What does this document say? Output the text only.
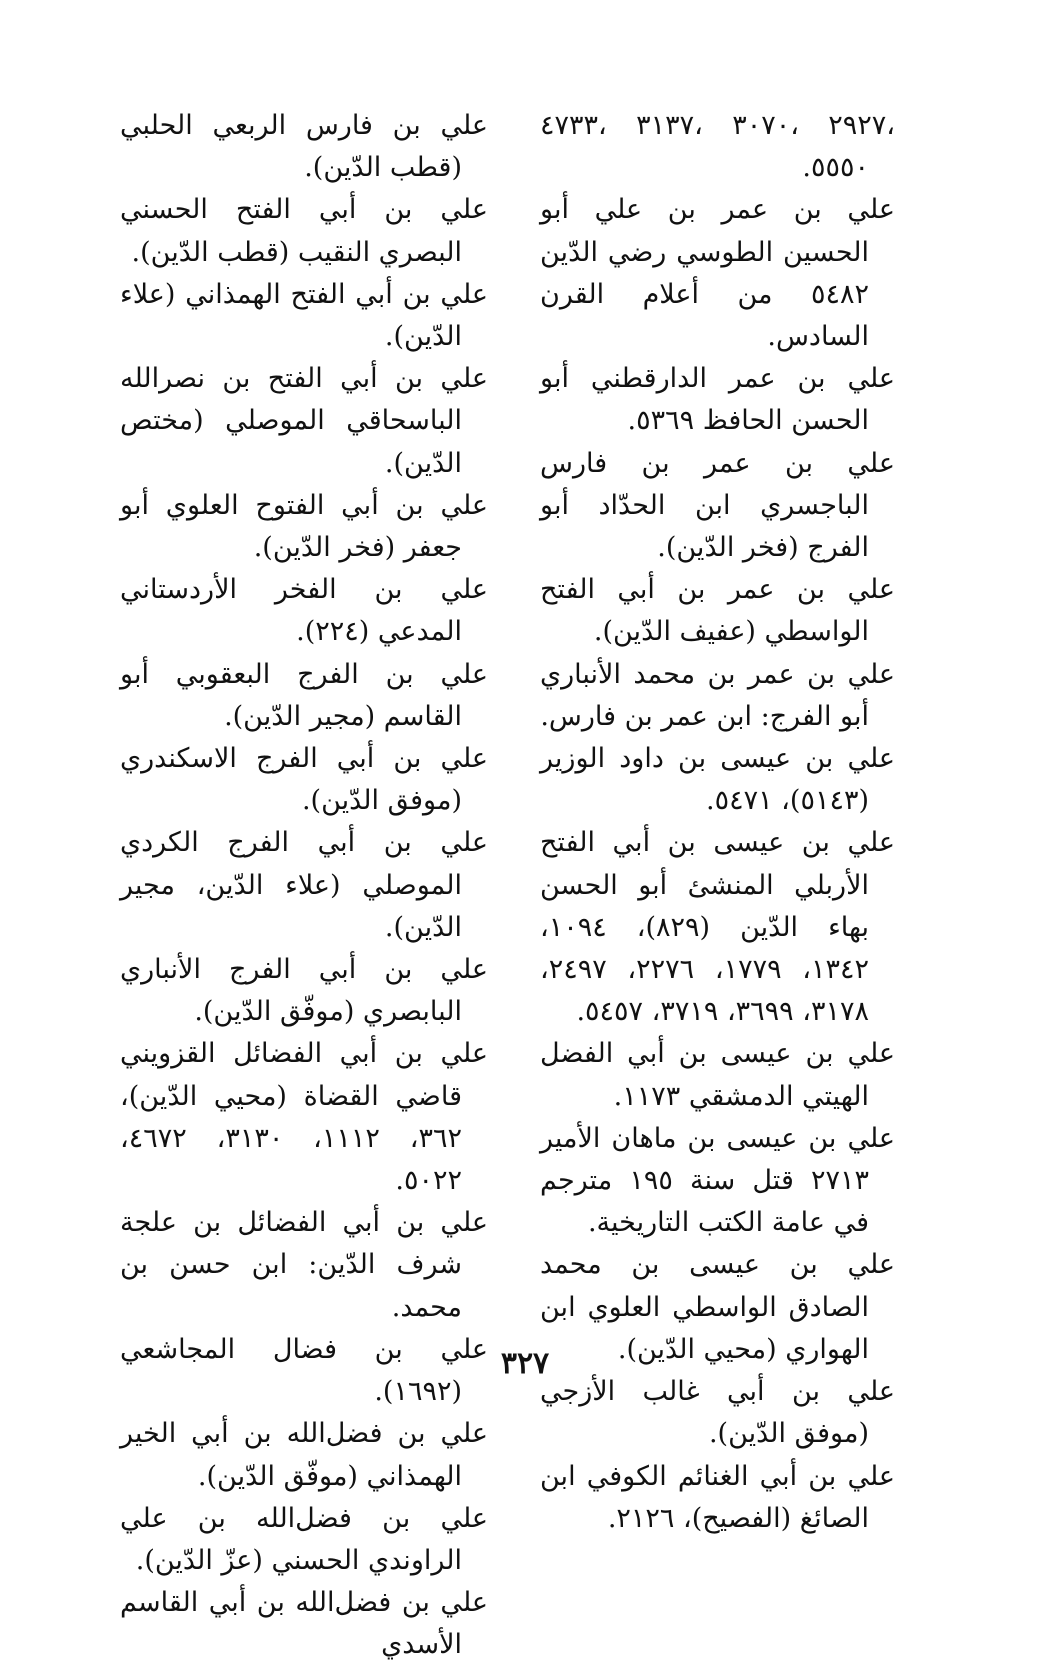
،٢٩٢٧ ،٣٠٧٠ ،٣١٣٧ ،٤٧٣٣ ٥٥٥٠.

علي بن عمر بن علي أبو الحسين الطوسي رضي الدّين ٥٤٨٢ من أعلام القرن السادس.

علي بن عمر الدارقطني أبو الحسن الحافظ ٥٣٦٩.

علي بن عمر بن فارس الباجسري ابن الحدّاد أبو الفرج (فخر الدّين).

علي بن عمر بن أبي الفتح الواسطي (عفيف الدّين).

علي بن عمر بن محمد الأنباري أبو الفرج: ابن عمر بن فارس.

علي بن عيسى بن داود الوزير (٥١٤٣)، ٥٤٧١.

علي بن عيسى بن أبي الفتح الأربلي المنشئ أبو الحسن بهاء الدّين (٨٢٩)، ١٠٩٤، ١٣٤٢، ١٧٧٩، ٢٢٧٦، ٢٤٩٧، ٣١٧٨، ٣٦٩٩، ٣٧١٩، ٥٤٥٧.

علي بن عيسى بن أبي الفضل الهيتي الدمشقي ١١٧٣.

علي بن عيسى بن ماهان الأمير ٢٧١٣ قتل سنة ١٩٥ مترجم في عامة الكتب التاريخية.

علي بن عيسى بن محمد الصادق الواسطي العلوي ابن الهواري (محيي الدّين).

علي بن أبي غالب الأزجي (موفق الدّين).

علي بن أبي الغنائم الكوفي ابن الصائغ (الفصيح)، ٢١٢٦.

علي بن فارس الربعي الحلبي (قطب الدّين).

علي بن أبي الفتح الحسني البصري النقيب (قطب الدّين).

علي بن أبي الفتح الهمذاني (علاء الدّين).

علي بن أبي الفتح بن نصرالله الباسحاقي الموصلي (مختص الدّين).

علي بن أبي الفتوح العلوي أبو جعفر (فخر الدّين).

علي بن الفخر الأردستاني المدعي (٢٢٤).

علي بن الفرج البعقوبي أبو القاسم (مجير الدّين).

علي بن أبي الفرج الاسكندري (موفق الدّين).

علي بن أبي الفرج الكردي الموصلي (علاء الدّين، مجير الدّين).

علي بن أبي الفرج الأنباري البابصري (موفّق الدّين).

علي بن أبي الفضائل القزويني قاضي القضاة (محيي الدّين)، ٣٦٢، ١١١٢، ٣١٣٠، ٤٦٧٢، ٥٠٢٢.

علي بن أبي الفضائل بن علجة شرف الدّين: ابن حسن بن محمد.

علي بن فضال المجاشعي (١٦٩٢).

علي بن فضل‌الله بن أبي الخير الهمذاني (موفّق الدّين).

علي بن فضل‌الله بن علي الراوندي الحسني (عزّ الدّين).

علي بن فضل‌الله بن أبي القاسم الأسدي

٣٢٧
